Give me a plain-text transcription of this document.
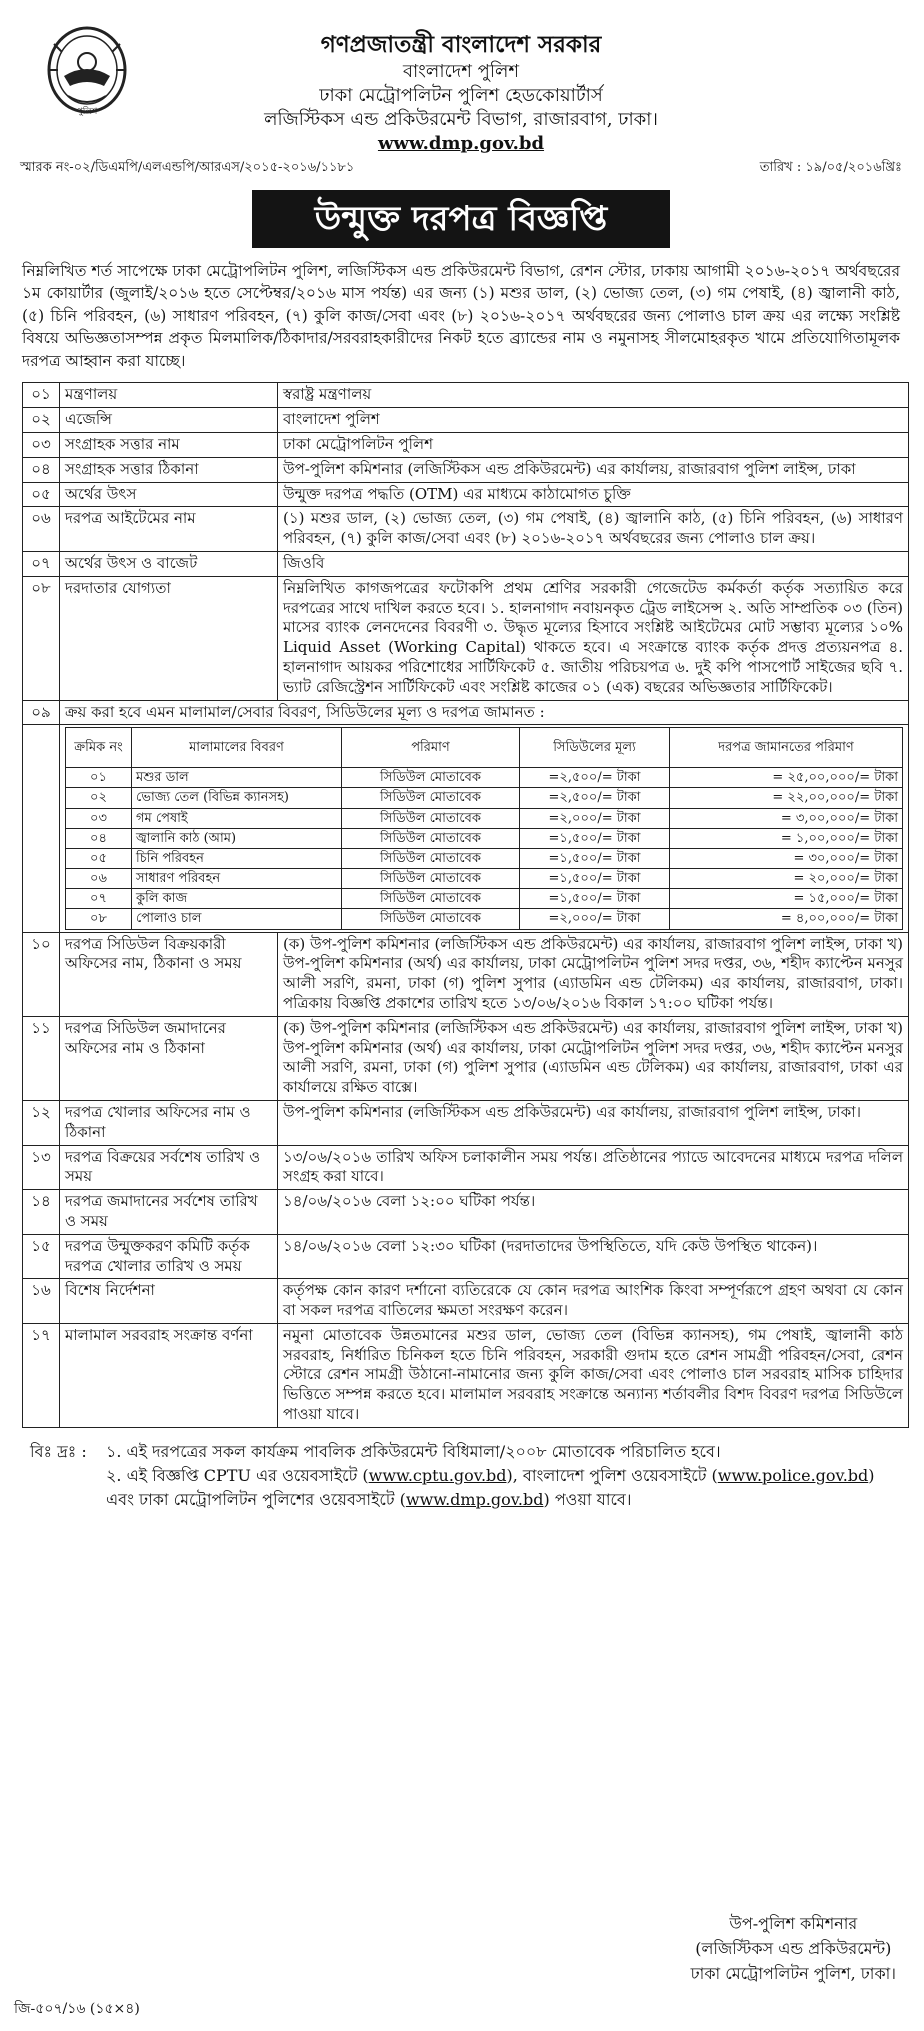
পুলিশ
গণপ্রজাতন্ত্রী বাংলাদেশ সরকার
বাংলাদেশ পুলিশ
ঢাকা মেট্রোপলিটন পুলিশ হেডকোয়ার্টার্স
লজিস্টিকস এন্ড প্রকিউরমেন্ট বিভাগ, রাজারবাগ, ঢাকা।
www.dmp.gov.bd
স্মারক নং-০২/ডিএমপি/এলএন্ডপি/আরএস/২০১৫-২০১৬/১১৮১	তারিখ : ১৯/০৫/২০১৬খ্রিঃ
উন্মুক্ত দরপত্র বিজ্ঞপ্তি

নিম্নলিখিত শর্ত সাপেক্ষে ঢাকা মেট্রোপলিটন পুলিশ, লজিস্টিকস এন্ড প্রকিউরমেন্ট বিভাগ, রেশন স্টোর, ঢাকায় আগামী ২০১৬-২০১৭ অর্থবছরের ১ম কোয়ার্টার (জুলাই/২০১৬ হতে সেপ্টেম্বর/২০১৬ মাস পর্যন্ত) এর জন্য (১) মশুর ডাল, (২) ভোজ্য তেল, (৩) গম পেষাই, (৪) জ্বালানী কাঠ, (৫) চিনি পরিবহন, (৬) সাধারণ পরিবহন, (৭) কুলি কাজ/সেবা এবং (৮) ২০১৬-২০১৭ অর্থবছরের জন্য পোলাও চাল ক্রয় এর লক্ষ্যে সংশ্লিষ্ট বিষয়ে অভিজ্ঞতাসম্পন্ন প্রকৃত মিলমালিক/ঠিকাদার/সরবরাহকারীদের নিকট হতে ব্র্যান্ডের নাম ও নমুনাসহ সীলমোহরকৃত খামে প্রতিযোগিতামূলক দরপত্র আহ্বান করা যাচ্ছে।

০১	মন্ত্রণালয়	স্বরাষ্ট্র মন্ত্রণালয়
০২	এজেন্সি	বাংলাদেশ পুলিশ
০৩	সংগ্রাহক সত্তার নাম	ঢাকা মেট্রোপলিটন পুলিশ
০৪	সংগ্রাহক সত্তার ঠিকানা	উপ-পুলিশ কমিশনার (লজিস্টিকস এন্ড প্রকিউরমেন্ট) এর কার্যালয়, রাজারবাগ পুলিশ লাইন্স, ঢাকা
০৫	অর্থের উৎস	উন্মুক্ত দরপত্র পদ্ধতি (OTM) এর মাধ্যমে কাঠামোগত চুক্তি
০৬	দরপত্র আইটেমের নাম	(১) মশুর ডাল, (২) ভোজ্য তেল, (৩) গম পেষাই, (৪) জ্বালানি কাঠ, (৫) চিনি পরিবহন, (৬) সাধারণ পরিবহন, (৭) কুলি কাজ/সেবা এবং (৮) ২০১৬-২০১৭ অর্থবছরের জন্য পোলাও চাল ক্রয়।
০৭	অর্থের উৎস ও বাজেট	জিওবি
০৮	দরদাতার যোগ্যতা	নিম্নলিখিত কাগজপত্রের ফটোকপি প্রথম শ্রেণির সরকারী গেজেটেড কর্মকর্তা কর্তৃক সত্যায়িত করে দরপত্রের সাথে দাখিল করতে হবে। ১. হালনাগাদ নবায়নকৃত ট্রেড লাইসেন্স ২. অতি সাম্প্রতিক ০৩ (তিন) মাসের ব্যাংক লেনদেনের বিবরণী ৩. উদ্ধৃত মূল্যের হিসাবে সংশ্লিষ্ট আইটেমের মোট সম্ভাব্য মূল্যের ১০% Liquid Asset (Working Capital) থাকতে হবে। এ সংক্রান্তে ব্যাংক কর্তৃক প্রদত্ত প্রত্যয়নপত্র ৪. হালনাগাদ আয়কর পরিশোধের সার্টিফিকেট ৫. জাতীয় পরিচয়পত্র ৬. দুই কপি পাসপোর্ট সাইজের ছবি ৭. ভ্যাট রেজিস্ট্রেশন সার্টিফিকেট এবং সংশ্লিষ্ট কাজের ০১ (এক) বছরের অভিজ্ঞতার সার্টিফিকেট।
০৯	ক্রয় করা হবে এমন মালামাল/সেবার বিবরণ, সিডিউলের মূল্য ও দরপত্র জামানত :

ক্রমিক নং	মালামালের বিবরণ	পরিমাণ	সিডিউলের মূল্য	দরপত্র জামানতের পরিমাণ
০১	মশুর ডাল	সিডিউল মোতাবেক	=২,৫০০/= টাকা	= ২৫,০০,০০০/= টাকা
০২	ভোজ্য তেল (বিভিন্ন ক্যানসহ)	সিডিউল মোতাবেক	=২,৫০০/= টাকা	= ২২,০০,০০০/= টাকা
০৩	গম পেষাই	সিডিউল মোতাবেক	=২,০০০/= টাকা	= ৩,০০,০০০/= টাকা
০৪	জ্বালানি কাঠ (আম)	সিডিউল মোতাবেক	=১,৫০০/= টাকা	= ১,০০,০০০/= টাকা
০৫	চিনি পরিবহন	সিডিউল মোতাবেক	=১,৫০০/= টাকা	= ৩০,০০০/= টাকা
০৬	সাধারণ পরিবহন	সিডিউল মোতাবেক	=১,৫০০/= টাকা	= ২০,০০০/= টাকা
০৭	কুলি কাজ	সিডিউল মোতাবেক	=১,৫০০/= টাকা	= ১৫,০০০/= টাকা
০৮	পোলাও চাল	সিডিউল মোতাবেক	=২,০০০/= টাকা	= ৪,০০,০০০/= টাকা

১০	দরপত্র সিডিউল বিক্রয়কারী অফিসের নাম, ঠিকানা ও সময়	(ক) উপ-পুলিশ কমিশনার (লজিস্টিকস এন্ড প্রকিউরমেন্ট) এর কার্যালয়, রাজারবাগ পুলিশ লাইন্স, ঢাকা খ) উপ-পুলিশ কমিশনার (অর্থ) এর কার্যালয়, ঢাকা মেট্রোপলিটন পুলিশ সদর দপ্তর, ৩৬, শহীদ ক্যাপ্টেন মনসুর আলী সরণি, রমনা, ঢাকা (গ) পুলিশ সুপার (এ্যাডমিন এন্ড টেলিকম) এর কার্যালয়, রাজারবাগ, ঢাকা। পত্রিকায় বিজ্ঞপ্তি প্রকাশের তারিখ হতে ১৩/০৬/২০১৬ বিকাল ১৭:০০ ঘটিকা পর্যন্ত।
১১	দরপত্র সিডিউল জমাদানের অফিসের নাম ও ঠিকানা	(ক) উপ-পুলিশ কমিশনার (লজিস্টিকস এন্ড প্রকিউরমেন্ট) এর কার্যালয়, রাজারবাগ পুলিশ লাইন্স, ঢাকা খ) উপ-পুলিশ কমিশনার (অর্থ) এর কার্যালয়, ঢাকা মেট্রোপলিটন পুলিশ সদর দপ্তর, ৩৬, শহীদ ক্যাপ্টেন মনসুর আলী সরণি, রমনা, ঢাকা (গ) পুলিশ সুপার (এ্যাডমিন এন্ড টেলিকম) এর কার্যালয়, রাজারবাগ, ঢাকা এর কার্যালয়ে রক্ষিত বাক্সে।
১২	দরপত্র খোলার অফিসের নাম ও ঠিকানা	উপ-পুলিশ কমিশনার (লজিস্টিকস এন্ড প্রকিউরমেন্ট) এর কার্যালয়, রাজারবাগ পুলিশ লাইন্স, ঢাকা।
১৩	দরপত্র বিক্রয়ের সর্বশেষ তারিখ ও সময়	১৩/০৬/২০১৬ তারিখ অফিস চলাকালীন সময় পর্যন্ত। প্রতিষ্ঠানের প্যাডে আবেদনের মাধ্যমে দরপত্র দলিল সংগ্রহ করা যাবে।
১৪	দরপত্র জমাদানের সর্বশেষ তারিখ ও সময়	১৪/০৬/২০১৬ বেলা ১২:০০ ঘটিকা পর্যন্ত।
১৫	দরপত্র উন্মুক্তকরণ কমিটি কর্তৃক দরপত্র খোলার তারিখ ও সময়	১৪/০৬/২০১৬ বেলা ১২:৩০ ঘটিকা (দরদাতাদের উপস্থিতিতে, যদি কেউ উপস্থিত থাকেন)।
১৬	বিশেষ নির্দেশনা	কর্তৃপক্ষ কোন কারণ দর্শানো ব্যতিরেকে যে কোন দরপত্র আংশিক কিংবা সম্পূর্ণরূপে গ্রহণ অথবা যে কোন বা সকল দরপত্র বাতিলের ক্ষমতা সংরক্ষণ করেন।
১৭	মালামাল সরবরাহ সংক্রান্ত বর্ণনা	নমুনা মোতাবেক উন্নতমানের মশুর ডাল, ভোজ্য তেল (বিভিন্ন ক্যানসহ), গম পেষাই, জ্বালানী কাঠ সরবরাহ, নির্ধারিত চিনিকল হতে চিনি পরিবহন, সরকারী গুদাম হতে রেশন সামগ্রী পরিবহন/সেবা, রেশন স্টোরে রেশন সামগ্রী উঠানো-নামানোর জন্য কুলি কাজ/সেবা এবং পোলাও চাল সরবরাহ মাসিক চাহিদার ভিত্তিতে সম্পন্ন করতে হবে। মালামাল সরবরাহ সংক্রান্তে অন্যান্য শর্তাবলীর বিশদ বিবরণ দরপত্র সিডিউলে পাওয়া যাবে।
বিঃ দ্রঃ :	১. এই দরপত্রের সকল কার্যক্রম পাবলিক প্রকিউরমেন্ট বিধিমালা/২০০৮ মোতাবেক পরিচালিত হবে।
২. এই বিজ্ঞপ্তি CPTU এর ওয়েবসাইটে (www.cptu.gov.bd), বাংলাদেশ পুলিশ ওয়েবসাইটে (www.police.gov.bd) এবং ঢাকা মেট্রোপলিটন পুলিশের ওয়েবসাইটে (www.dmp.gov.bd) পওয়া যাবে।
উপ-পুলিশ কমিশনার
(লজিস্টিকস এন্ড প্রকিউরমেন্ট)
ঢাকা মেট্রোপলিটন পুলিশ, ঢাকা।
জি-৫০৭/১৬ (১৫×৪)
